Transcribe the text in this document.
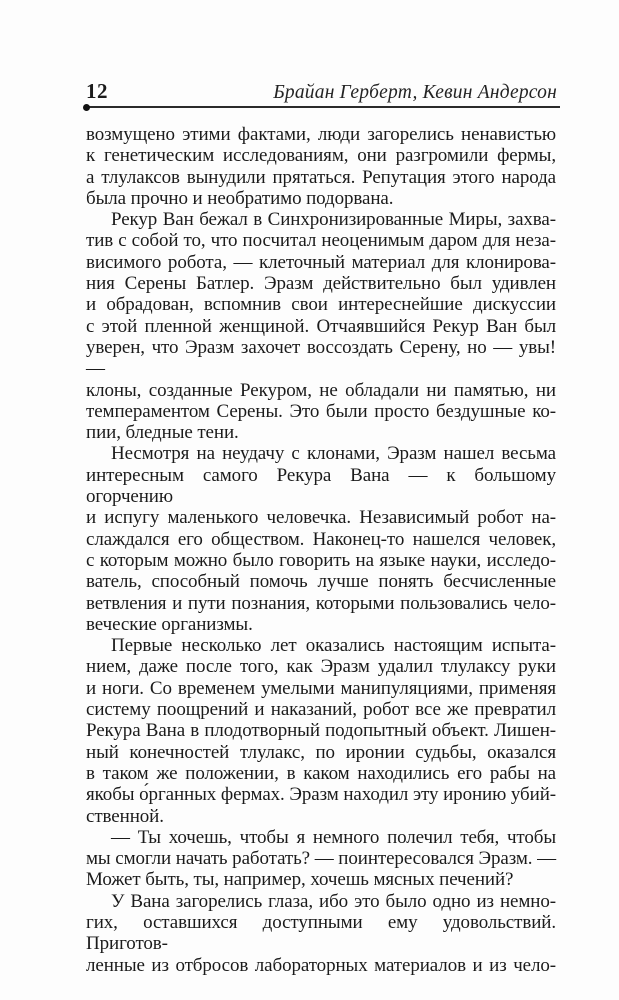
12	Брайан Герберт, Кевин Андерсон
возмущено этими фактами, люди загорелись ненавистью
к генетическим исследованиям, они разгромили фермы,
а тлулаксов вынудили прятаться. Репутация этого народа
была прочно и необратимо подорвана.
Рекур Ван бежал в Синхронизированные Миры, захва-
тив с собой то, что посчитал неоценимым даром для неза-
висимого робота, — клеточный материал для клонирова-
ния Серены Батлер. Эразм действительно был удивлен
и обрадован, вспомнив свои интереснейшие дискуссии
с этой пленной женщиной. Отчаявшийся Рекур Ван был
уверен, что Эразм захочет воссоздать Серену, но — увы! —
клоны, созданные Рекуром, не обладали ни памятью, ни
темпераментом Серены. Это были просто бездушные ко-
пии, бледные тени.
Несмотря на неудачу с клонами, Эразм нашел весьма
интересным самого Рекура Вана — к большому огорчению
и испугу маленького человечка. Независимый робот на-
слаждался его обществом. Наконец-то нашелся человек,
с которым можно было говорить на языке науки, исследо-
ватель, способный помочь лучше понять бесчисленные
ветвления и пути познания, которыми пользовались чело-
веческие организмы.
Первые несколько лет оказались настоящим испыта-
нием, даже после того, как Эразм удалил тлулаксу руки
и ноги. Со временем умелыми манипуляциями, применяя
систему поощрений и наказаний, робот все же превратил
Рекура Вана в плодотворный подопытный объект. Лишен-
ный конечностей тлулакс, по иронии судьбы, оказался
в таком же положении, в каком находились его рабы на
якобы о́рганных фермах. Эразм находил эту иронию убий-
ственной.
— Ты хочешь, чтобы я немного полечил тебя, чтобы
мы смогли начать работать? — поинтересовался Эразм. —
Может быть, ты, например, хочешь мясных печений?
У Вана загорелись глаза, ибо это было одно из немно-
гих, оставшихся доступными ему удовольствий. Приготов-
ленные из отбросов лабораторных материалов и из чело-
